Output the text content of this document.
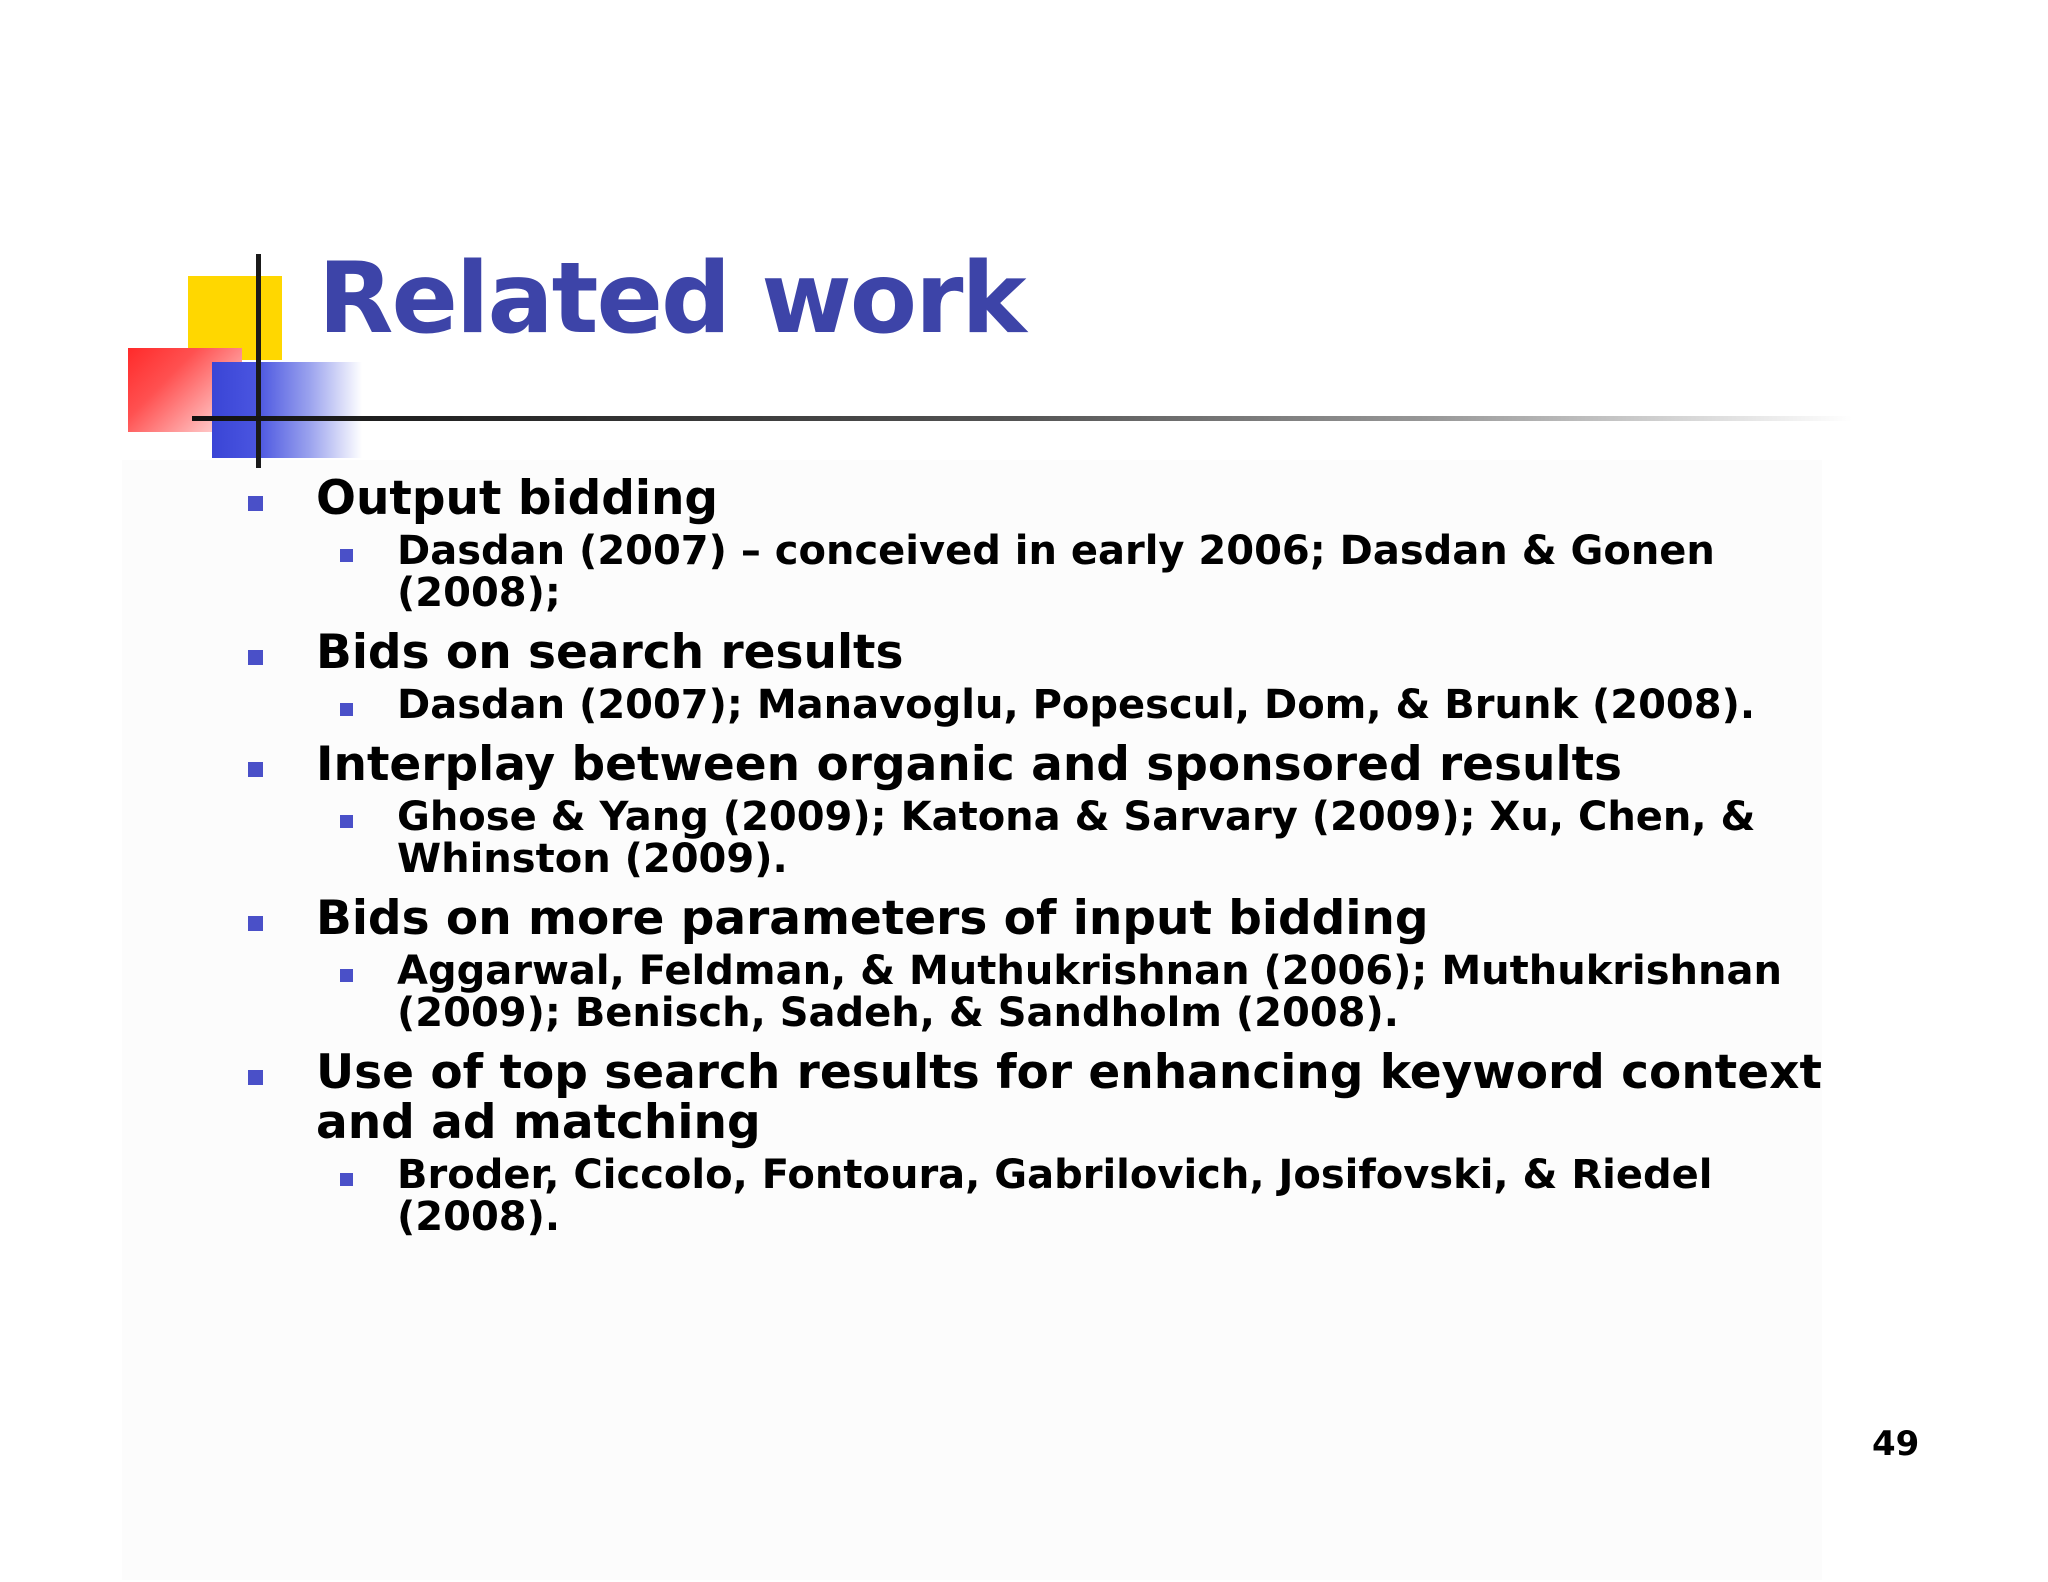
Related work
Output bidding
Dasdan (2007) – conceived in early 2006; Dasdan & Gonen (2008);
Bids on search results
Dasdan (2007); Manavoglu, Popescul, Dom, & Brunk (2008).
Interplay between organic and sponsored results
Ghose & Yang (2009); Katona & Sarvary (2009); Xu, Chen, & Whinston (2009).
Bids on more parameters of input bidding
Aggarwal, Feldman, & Muthukrishnan (2006); Muthukrishnan (2009); Benisch, Sadeh, & Sandholm (2008).
Use of top search results for enhancing keyword context and ad matching
Broder, Ciccolo, Fontoura, Gabrilovich, Josifovski, & Riedel (2008).
49
